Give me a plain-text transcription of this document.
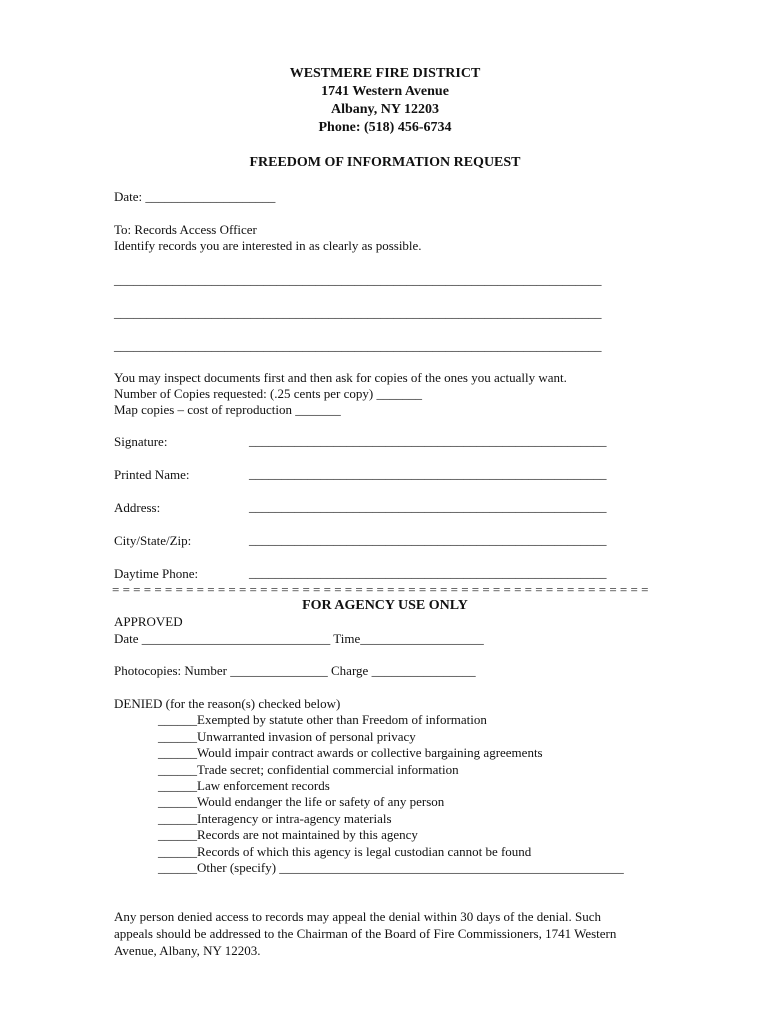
WESTMERE FIRE DISTRICT
1741 Western Avenue
Albany, NY 12203
Phone: (518) 456-6734
FREEDOM OF INFORMATION REQUEST
Date: ____________________
To: Records Access Officer
Identify records you are interested in as clearly as possible.
___________________________________________________________________________
___________________________________________________________________________
___________________________________________________________________________
You may inspect documents first and then ask for copies of the ones you actually want.
Number of Copies requested: (.25 cents per copy) _______
Map copies – cost of reproduction _______
Signature:	_______________________________________________________
Printed Name:	_______________________________________________________
Address:	_______________________________________________________
City/State/Zip:	_______________________________________________________
Daytime Phone:	_______________________________________________________
= = = = = = = = = = = = = = = = = = = = = = = = = = = = = = = = = = = = = = = = = = = = = = = = = = =
FOR AGENCY USE ONLY
APPROVED
Date _____________________________ Time___________________
Photocopies: Number _______________ Charge ________________
DENIED (for the reason(s) checked below)
______Exempted by statute other than Freedom of information
______Unwarranted invasion of personal privacy
______Would impair contract awards or collective bargaining agreements
______Trade secret; confidential commercial information
______Law enforcement records
______Would endanger the life or safety of any person
______Interagency or intra-agency materials
______Records are not maintained by this agency
______Records of which this agency is legal custodian cannot be found
______Other (specify) _____________________________________________________
Any person denied access to records may appeal the denial within 30 days of the denial. Such
appeals should be addressed to the Chairman of the Board of Fire Commissioners, 1741 Western
Avenue, Albany, NY 12203.
